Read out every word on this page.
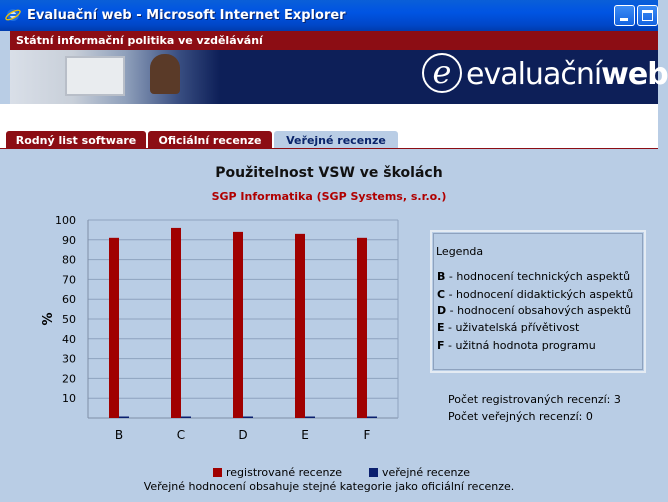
Evaluační web - Microsoft Internet Explorer
Státní informační politika ve vzdělávání
e evaluačníweb
Rodný list software	Oficiální recenze	Veřejné recenze
Použitelnost VSW ve školách
SGP Informatika (SGP Systems, s.r.o.)
10
20
30
40
50
60
70
80
90
100
B	C	D	E	F
%
Legenda
B - hodnocení technických aspektů
C - hodnocení didaktických aspektů
D - hodnocení obsahových aspektů
E - uživatelská přívětivost
F - užitná hodnota programu
Počet registrovaných recenzí: 3
Počet veřejných recenzí: 0
registrované recenze	veřejné recenze
Veřejné hodnocení obsahuje stejné kategorie jako oficiální recenze.
